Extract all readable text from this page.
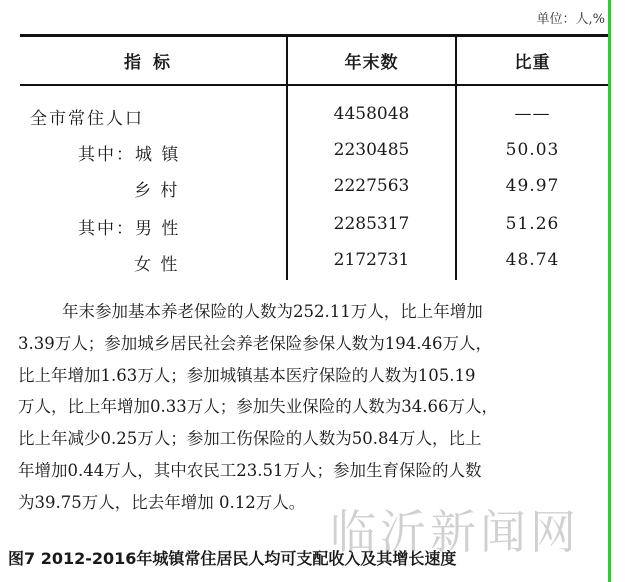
单位：人,%
指标	年末数	比重
全市常住人口	4458048	——
其中：城 镇	2230485	50.03
乡 村	2227563	49.97
其中：男 性	2285317	51.26
女 性	2172731	48.74
年末参加基本养老保险的人数为252.11万人，比上年增加
3.39万人；参加城乡居民社会养老保险参保人数为194.46万人，
比上年增加1.63万人；参加城镇基本医疗保险的人数为105.19
万人，比上年增加0.33万人；参加失业保险的人数为34.66万人，
比上年减少0.25万人；参加工伤保险的人数为50.84万人，比上
年增加0.44万人，其中农民工23.51万人；参加生育保险的人数
为39.75万人，比去年增加 0.12万人。
图7 2012-2016年城镇常住居民人均可支配收入及其增长速度
临沂新闻网
